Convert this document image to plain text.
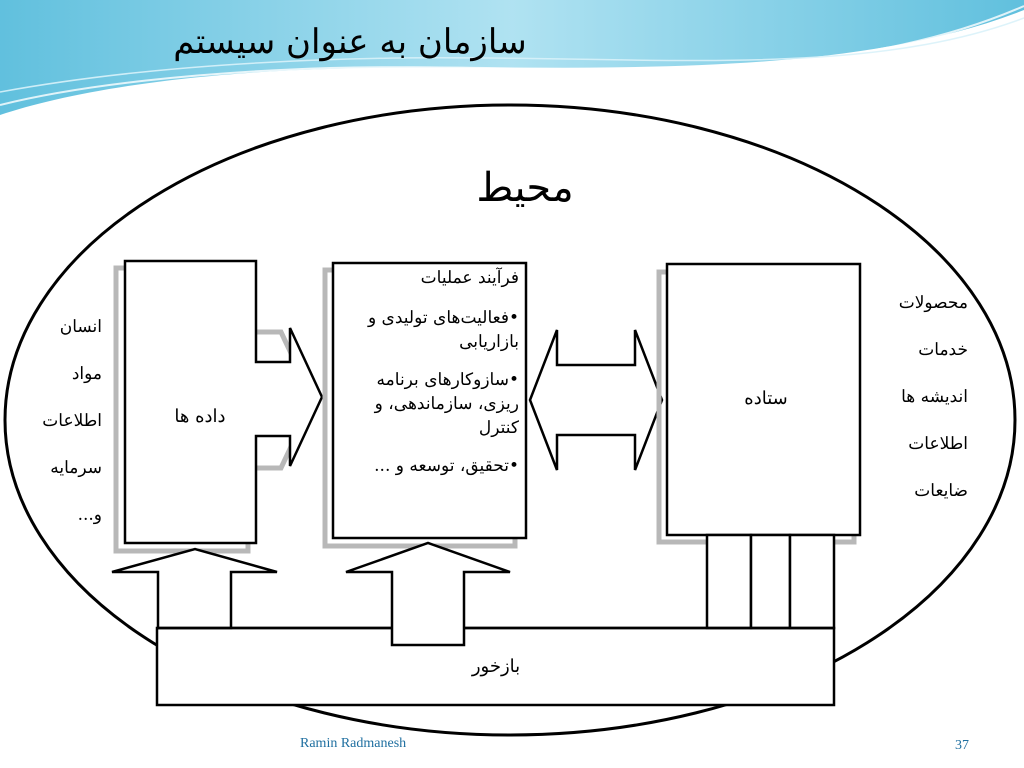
سازمان به عنوان سیستم
محیط
انسان
مواد
اطلاعات
سرمایه
و...
داده ها
فرآیند عملیات
•فعالیت‌های تولیدی و بازاریابی
•سازوکارهای برنامه ریزی، سازماندهی، و کنترل
•تحقیق، توسعه و ...
ستاده
محصولات
خدمات
اندیشه ها
اطلاعات
ضایعات
بازخور
Ramin Radmanesh	37
